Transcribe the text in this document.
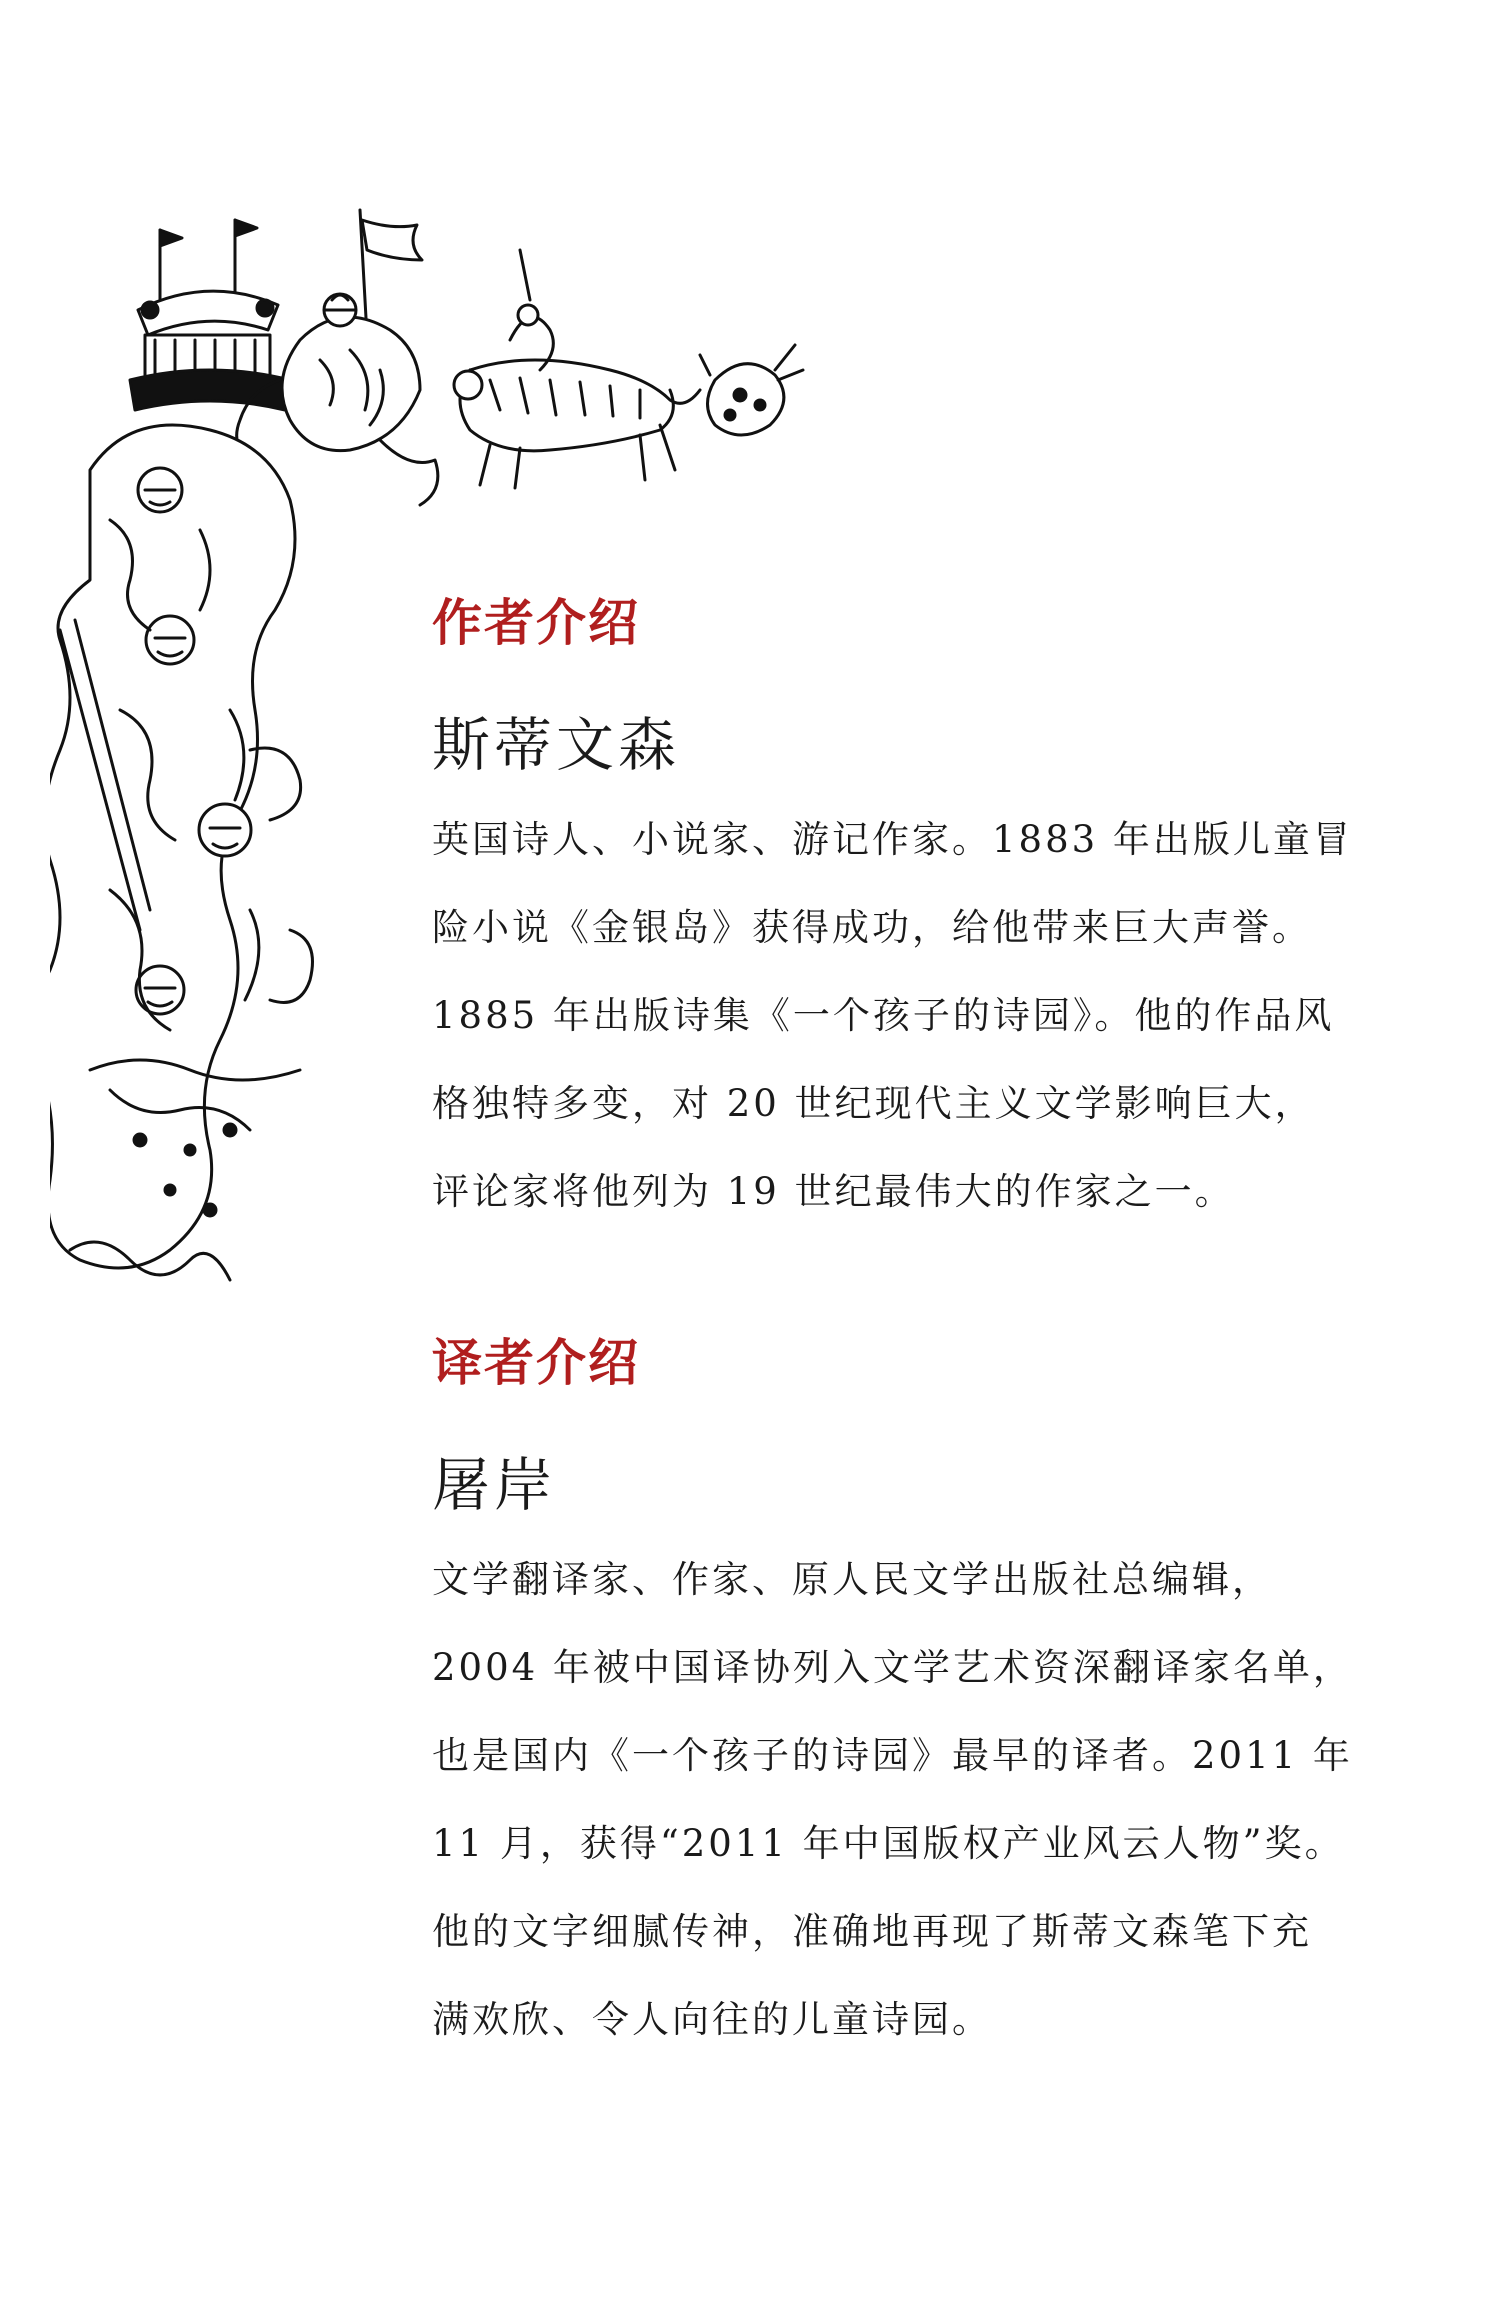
作者介绍
斯蒂文森
英国诗人、小说家、游记作家。1883 年出版儿童冒
险小说《金银岛》获得成功，给他带来巨大声誉。
1885 年出版诗集《一个孩子的诗园》。他的作品风
格独特多变，对 20 世纪现代主义文学影响巨大，
评论家将他列为 19 世纪最伟大的作家之一。
译者介绍
屠岸
文学翻译家、作家、原人民文学出版社总编辑，
2004 年被中国译协列入文学艺术资深翻译家名单，
也是国内《一个孩子的诗园》最早的译者。2011 年
11 月，获得“2011 年中国版权产业风云人物”奖。
他的文字细腻传神，准确地再现了斯蒂文森笔下充
满欢欣、令人向往的儿童诗园。
